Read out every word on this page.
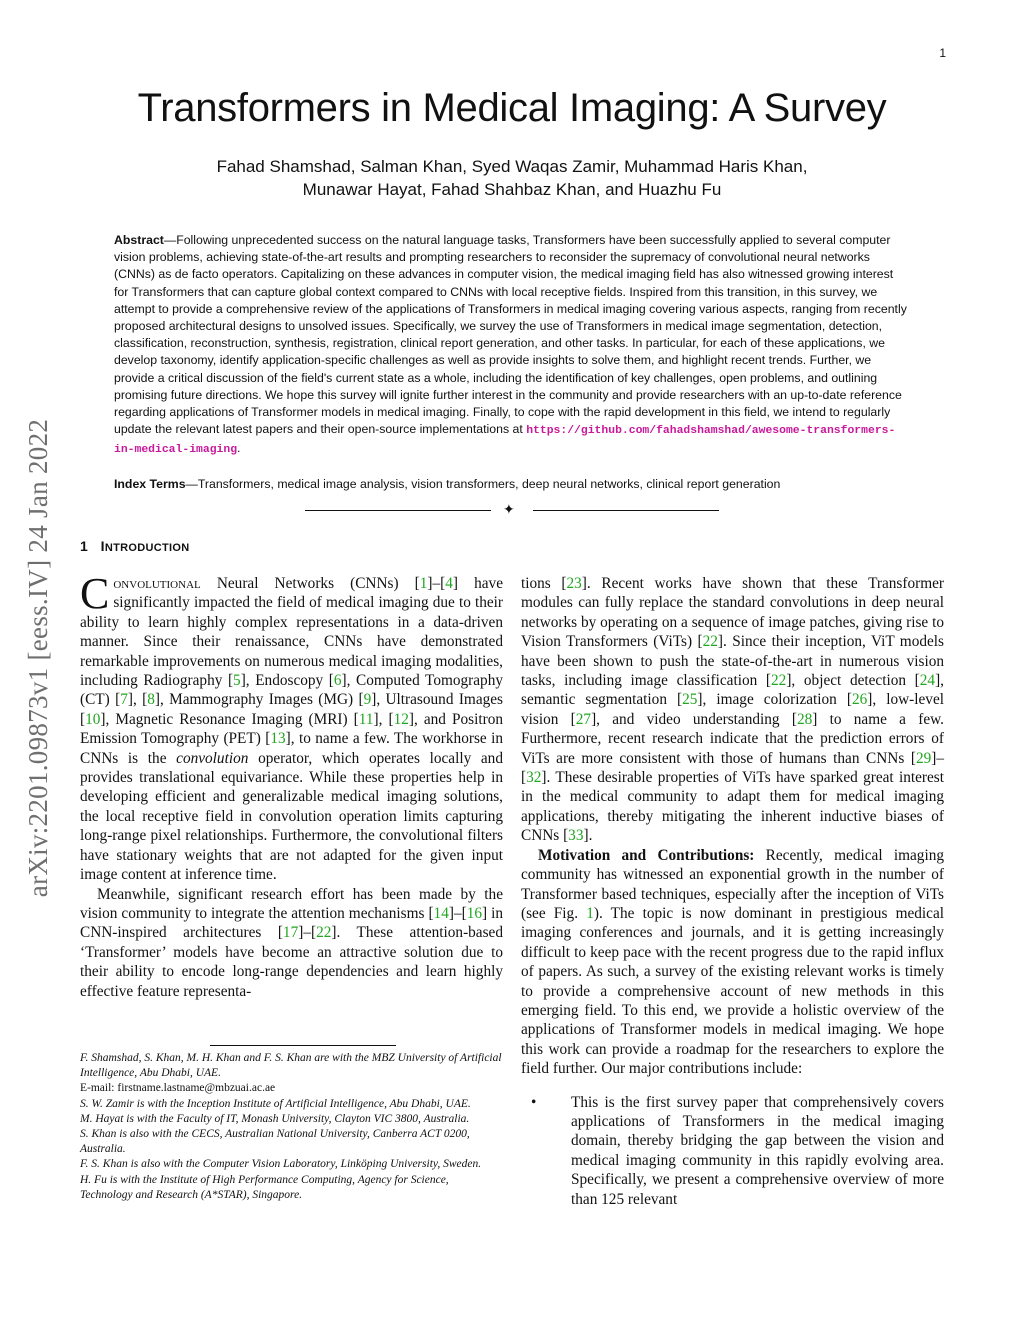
1
arXiv:2201.09873v1 [eess.IV] 24 Jan 2022
Transformers in Medical Imaging: A Survey
Fahad Shamshad, Salman Khan, Syed Waqas Zamir, Muhammad Haris Khan,
Munawar Hayat, Fahad Shahbaz Khan, and Huazhu Fu
Abstract—Following unprecedented success on the natural language tasks, Transformers have been successfully applied to several computer vision problems, achieving state-of-the-art results and prompting researchers to reconsider the supremacy of convolutional neural networks (CNNs) as de facto operators. Capitalizing on these advances in computer vision, the medical imaging field has also witnessed growing interest for Transformers that can capture global context compared to CNNs with local receptive fields. Inspired from this transition, in this survey, we attempt to provide a comprehensive review of the applications of Transformers in medical imaging covering various aspects, ranging from recently proposed architectural designs to unsolved issues. Specifically, we survey the use of Transformers in medical image segmentation, detection, classification, reconstruction, synthesis, registration, clinical report generation, and other tasks. In particular, for each of these applications, we develop taxonomy, identify application-specific challenges as well as provide insights to solve them, and highlight recent trends. Further, we provide a critical discussion of the field's current state as a whole, including the identification of key challenges, open problems, and outlining promising future directions. We hope this survey will ignite further interest in the community and provide researchers with an up-to-date reference regarding applications of Transformer models in medical imaging. Finally, to cope with the rapid development in this field, we intend to regularly update the relevant latest papers and their open-source implementations at https://github.com/fahadshamshad/awesome-transformers-in-medical-imaging.
Index Terms—Transformers, medical image analysis, vision transformers, deep neural networks, clinical report generation
✦
1 INTRODUCTION

Convolutional Neural Networks (CNNs) [1]–[4] have significantly impacted the field of medical imaging due to their ability to learn highly complex representations in a data-driven manner. Since their renaissance, CNNs have demonstrated remarkable improvements on numerous medical imaging modalities, including Radiography [5], Endoscopy [6], Computed Tomography (CT) [7], [8], Mammography Images (MG) [9], Ultrasound Images [10], Magnetic Resonance Imaging (MRI) [11], [12], and Positron Emission Tomography (PET) [13], to name a few. The workhorse in CNNs is the convolution operator, which operates locally and provides translational equivariance. While these properties help in developing efficient and generalizable medical imaging solutions, the local receptive field in convolution operation limits capturing long-range pixel relationships. Furthermore, the convolutional filters have stationary weights that are not adapted for the given input image content at inference time.

Meanwhile, significant research effort has been made by the vision community to integrate the attention mechanisms [14]–[16] in CNN-inspired architectures [17]–[22]. These attention-based ‘Transformer’ models have become an attractive solution due to their ability to encode long-range dependencies and learn highly effective feature representa-

F. Shamshad, S. Khan, M. H. Khan and F. S. Khan are with the MBZ University of Artificial Intelligence, Abu Dhabi, UAE.

E-mail: firstname.lastname@mbzuai.ac.ae

S. W. Zamir is with the Inception Institute of Artificial Intelligence, Abu Dhabi, UAE.

M. Hayat is with the Faculty of IT, Monash University, Clayton VIC 3800, Australia.

S. Khan is also with the CECS, Australian National University, Canberra ACT 0200, Australia.

F. S. Khan is also with the Computer Vision Laboratory, Linköping University, Sweden.

H. Fu is with the Institute of High Performance Computing, Agency for Science, Technology and Research (A*STAR), Singapore.

tions [23]. Recent works have shown that these Transformer modules can fully replace the standard convolutions in deep neural networks by operating on a sequence of image patches, giving rise to Vision Transformers (ViTs) [22]. Since their inception, ViT models have been shown to push the state-of-the-art in numerous vision tasks, including image classification [22], object detection [24], semantic segmentation [25], image colorization [26], low-level vision [27], and video understanding [28] to name a few. Furthermore, recent research indicate that the prediction errors of ViTs are more consistent with those of humans than CNNs [29]–[32]. These desirable properties of ViTs have sparked great interest in the medical community to adapt them for medical imaging applications, thereby mitigating the inherent inductive biases of CNNs [33].

Motivation and Contributions: Recently, medical imaging community has witnessed an exponential growth in the number of Transformer based techniques, especially after the inception of ViTs (see Fig. 1). The topic is now dominant in prestigious medical imaging conferences and journals, and it is getting increasingly difficult to keep pace with the recent progress due to the rapid influx of papers. As such, a survey of the existing relevant works is timely to provide a comprehensive account of new methods in this emerging field. To this end, we provide a holistic overview of the applications of Transformer models in medical imaging. We hope this work can provide a roadmap for the researchers to explore the field further. Our major contributions include:

• This is the first survey paper that comprehensively covers applications of Transformers in the medical imaging domain, thereby bridging the gap between the vision and medical imaging community in this rapidly evolving area. Specifically, we present a comprehensive overview of more than 125 relevant
